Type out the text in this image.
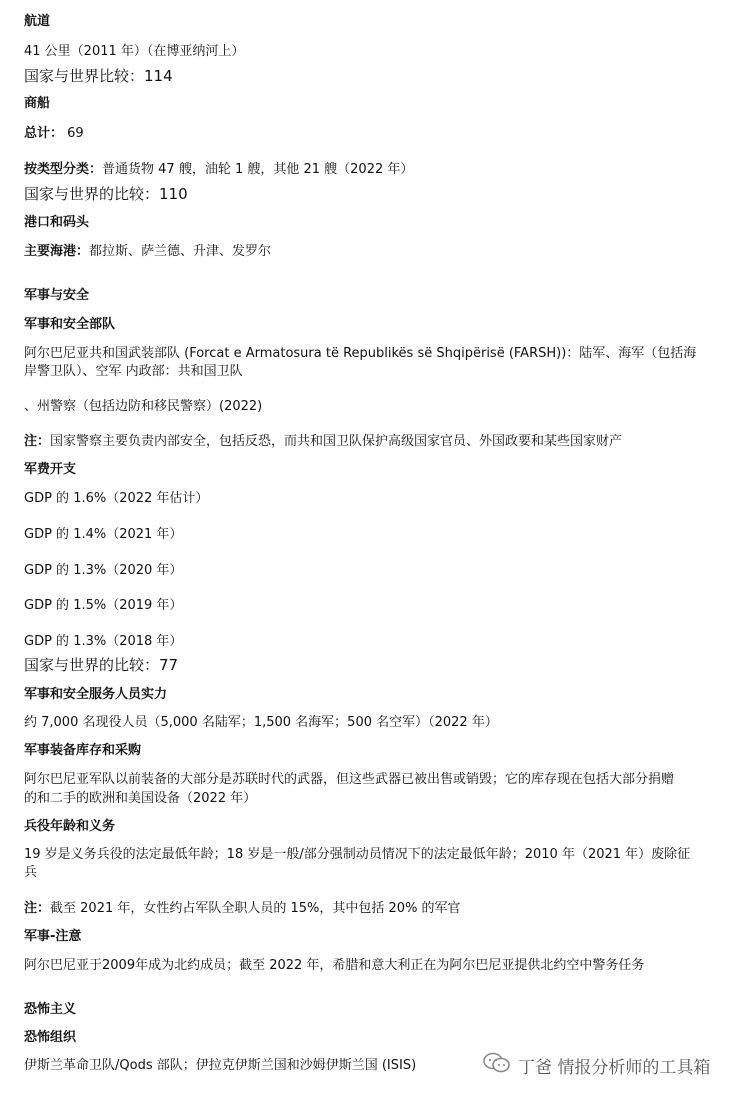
航道
41 公里（2011 年）（在博亚纳河上）
国家与世界比较：114
商船
总计： 69
按类型分类：普通货物 47 艘，油轮 1 艘，其他 21 艘（2022 年）
国家与世界的比较：110
港口和码头
主要海港：都拉斯、萨兰德、升津、发罗尔
军事与安全
军事和安全部队
阿尔巴尼亚共和国武装部队 (Forcat e Armatosura të Republikës së Shqipërisë (FARSH))：陆军、海军（包括海
岸警卫队）、空军 内政部：共和国卫队
、州警察（包括边防和移民警察）(2022)
注：国家警察主要负责内部安全，包括反恐，而共和国卫队保护高级国家官员、外国政要和某些国家财产
军费开支
GDP 的 1.6%（2022 年估计）
GDP 的 1.4%（2021 年）
GDP 的 1.3%（2020 年）
GDP 的 1.5%（2019 年）
GDP 的 1.3%（2018 年）
国家与世界的比较：77
军事和安全服务人员实力
约 7,000 名现役人员（5,000 名陆军；1,500 名海军；500 名空军）（2022 年）
军事装备库存和采购
阿尔巴尼亚军队以前装备的大部分是苏联时代的武器，但这些武器已被出售或销毁；它的库存现在包括大部分捐赠
的和二手的欧洲和美国设备（2022 年）
兵役年龄和义务
19 岁是义务兵役的法定最低年龄；18 岁是一般/部分强制动员情况下的法定最低年龄；2010 年（2021 年）废除征
兵
注：截至 2021 年，女性约占军队全职人员的 15%，其中包括 20% 的军官
军事-注意
阿尔巴尼亚于2009年成为北约成员；截至 2022 年，希腊和意大利正在为阿尔巴尼亚提供北约空中警务任务
恐怖主义
恐怖组织
伊斯兰革命卫队/Qods 部队；伊拉克伊斯兰国和沙姆伊斯兰国 (ISIS)	丁爸 情报分析师的工具箱
